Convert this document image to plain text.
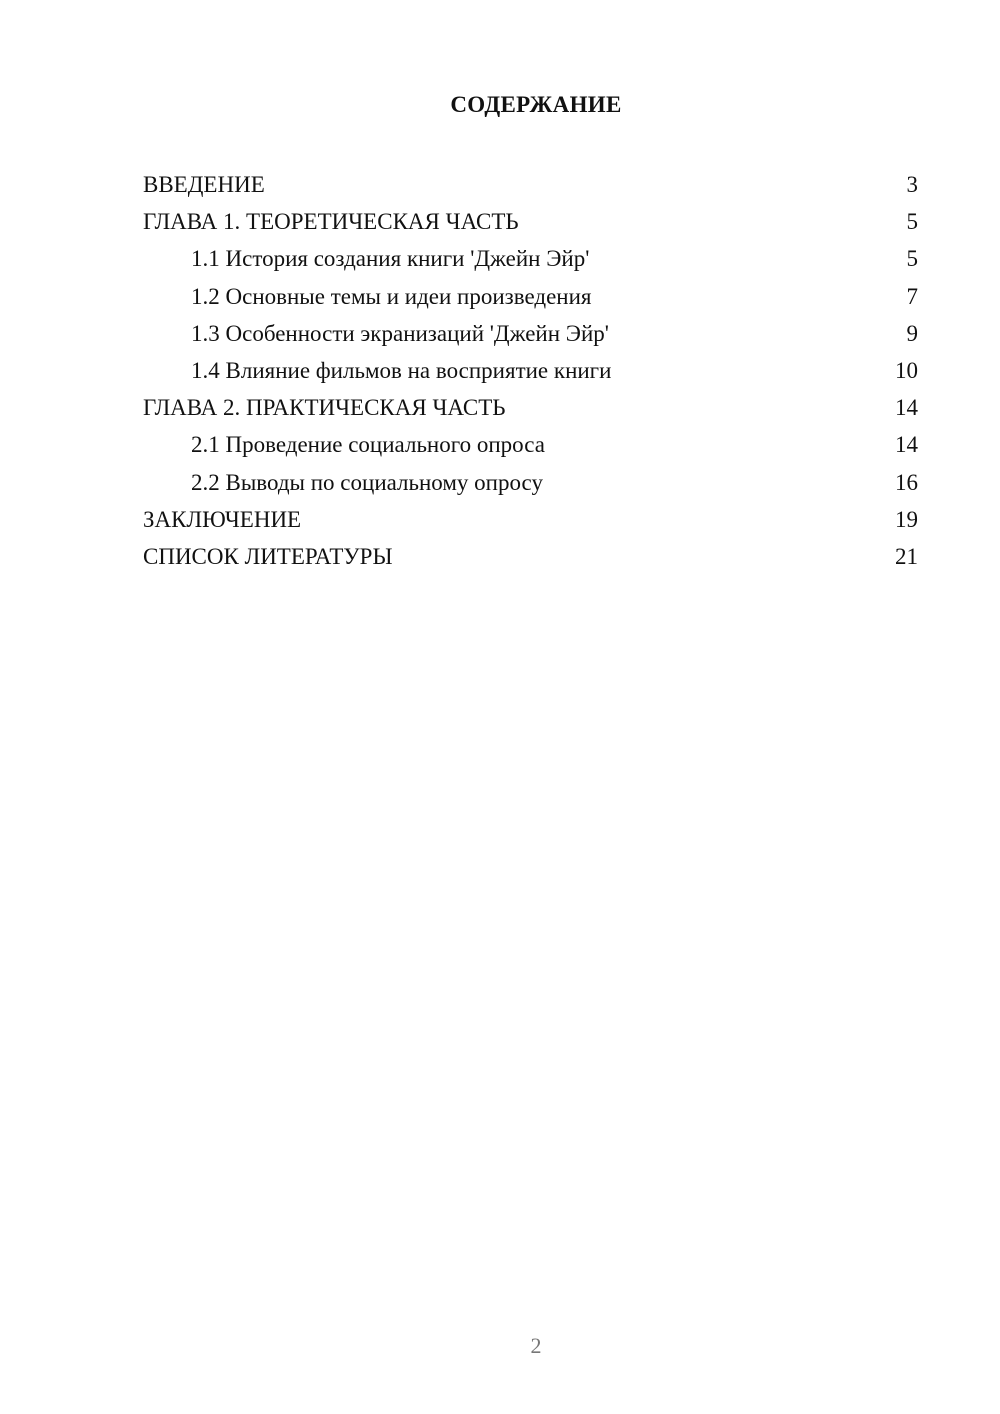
СОДЕРЖАНИЕ
ВВЕДЕНИЕ	3
ГЛАВА 1. ТЕОРЕТИЧЕСКАЯ ЧАСТЬ	5
1.1 История создания книги 'Джейн Эйр'	5
1.2 Основные темы и идеи произведения	7
1.3 Особенности экранизаций 'Джейн Эйр'	9
1.4 Влияние фильмов на восприятие книги	10
ГЛАВА 2. ПРАКТИЧЕСКАЯ ЧАСТЬ	14
2.1 Проведение социального опроса	14
2.2 Выводы по социальному опросу	16
ЗАКЛЮЧЕНИЕ	19
СПИСОК ЛИТЕРАТУРЫ	21
2
